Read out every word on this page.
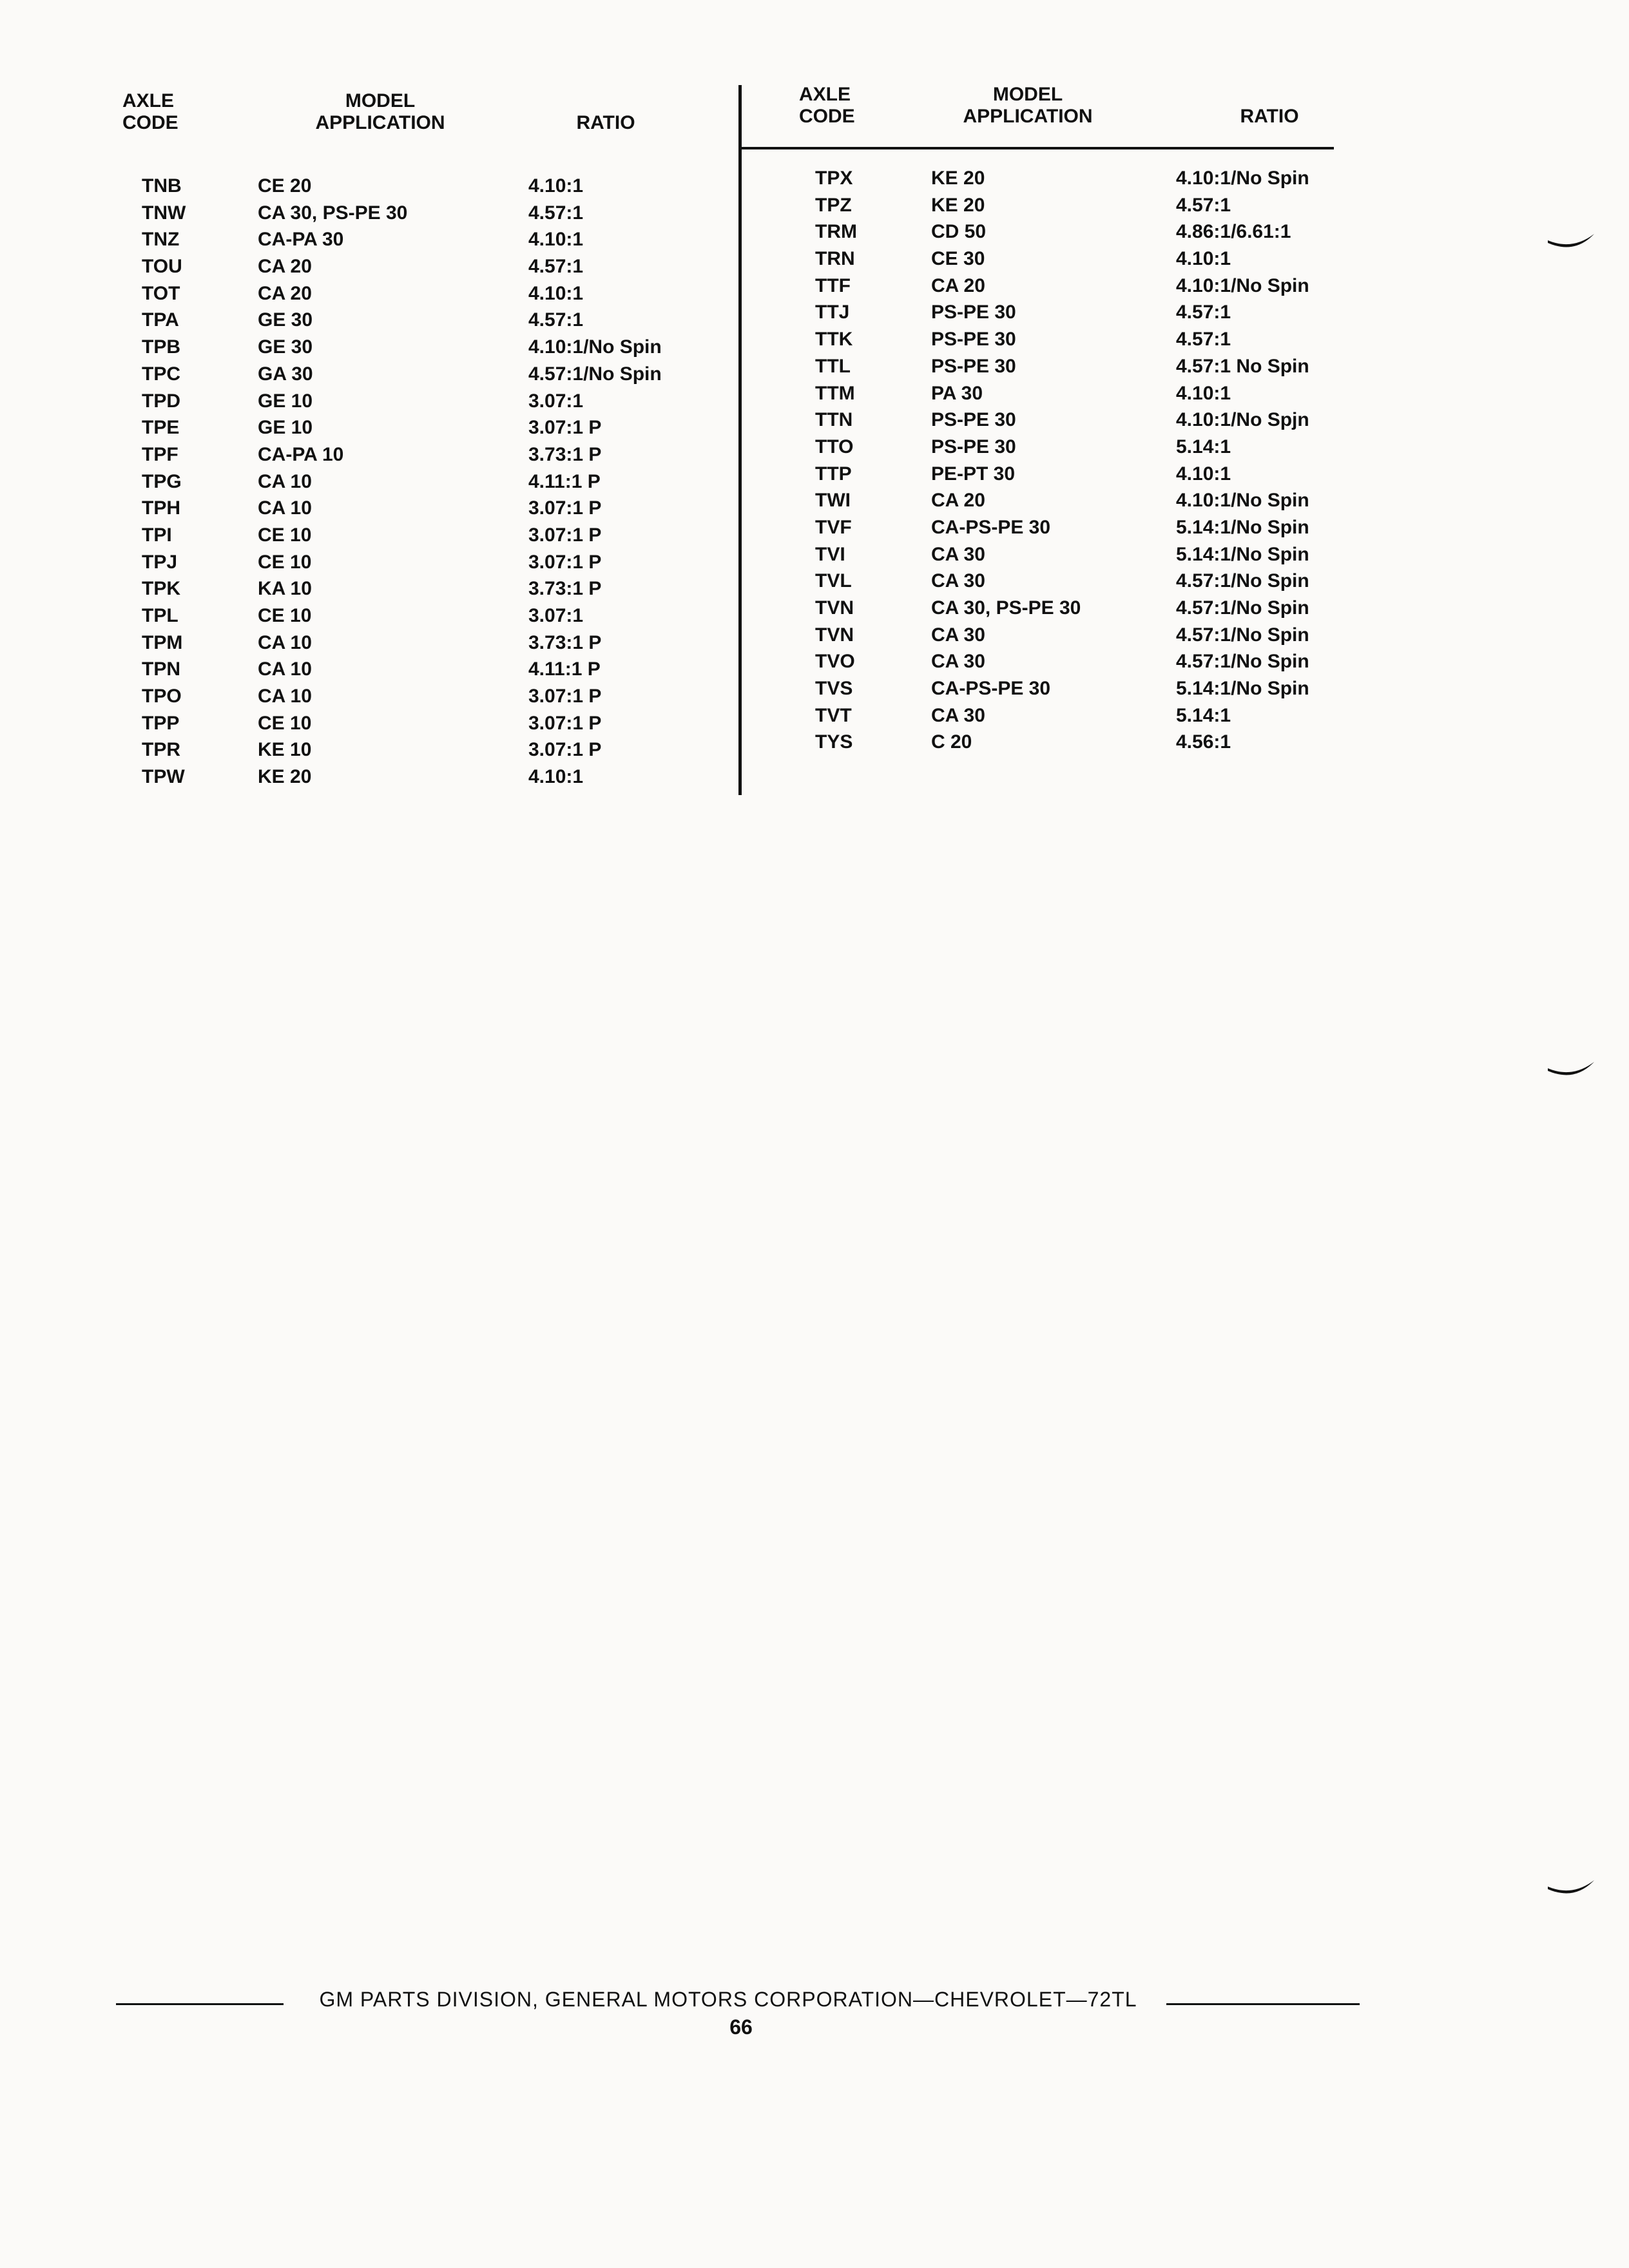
AXLE
CODE
MODEL
APPLICATION	RATIO
TNB	CE 20	4.10:1
TNW	CA 30, PS-PE 30	4.57:1
TNZ	CA-PA 30	4.10:1
TOU	CA 20	4.57:1
TOT	CA 20	4.10:1
TPA	GE 30	4.57:1
TPB	GE 30	4.10:1/No Spin
TPC	GA 30	4.57:1/No Spin
TPD	GE 10	3.07:1
TPE	GE 10	3.07:1 P
TPF	CA-PA 10	3.73:1 P
TPG	CA 10	4.11:1 P
TPH	CA 10	3.07:1 P
TPI	CE 10	3.07:1 P
TPJ	CE 10	3.07:1 P
TPK	KA 10	3.73:1 P
TPL	CE 10	3.07:1
TPM	CA 10	3.73:1 P
TPN	CA 10	4.11:1 P
TPO	CA 10	3.07:1 P
TPP	CE 10	3.07:1 P
TPR	KE 10	3.07:1 P
TPW	KE 20	4.10:1
AXLE
CODE
MODEL
APPLICATION	RATIO
TPX	KE 20	4.10:1/No Spin
TPZ	KE 20	4.57:1
TRM	CD 50	4.86:1/6.61:1
TRN	CE 30	4.10:1
TTF	CA 20	4.10:1/No Spin
TTJ	PS-PE 30	4.57:1
TTK	PS-PE 30	4.57:1
TTL	PS-PE 30	4.57:1 No Spin
TTM	PA 30	4.10:1
TTN	PS-PE 30	4.10:1/No Spjn
TTO	PS-PE 30	5.14:1
TTP	PE-PT 30	4.10:1
TWI	CA 20	4.10:1/No Spin
TVF	CA-PS-PE 30	5.14:1/No Spin
TVI	CA 30	5.14:1/No Spin
TVL	CA 30	4.57:1/No Spin
TVN	CA 30, PS-PE 30	4.57:1/No Spin
TVN	CA 30	4.57:1/No Spin
TVO	CA 30	4.57:1/No Spin
TVS	CA-PS-PE 30	5.14:1/No Spin
TVT	CA 30	5.14:1
TYS	C 20	4.56:1
GM PARTS DIVISION, GENERAL MOTORS CORPORATION—CHEVROLET—72TL
66
